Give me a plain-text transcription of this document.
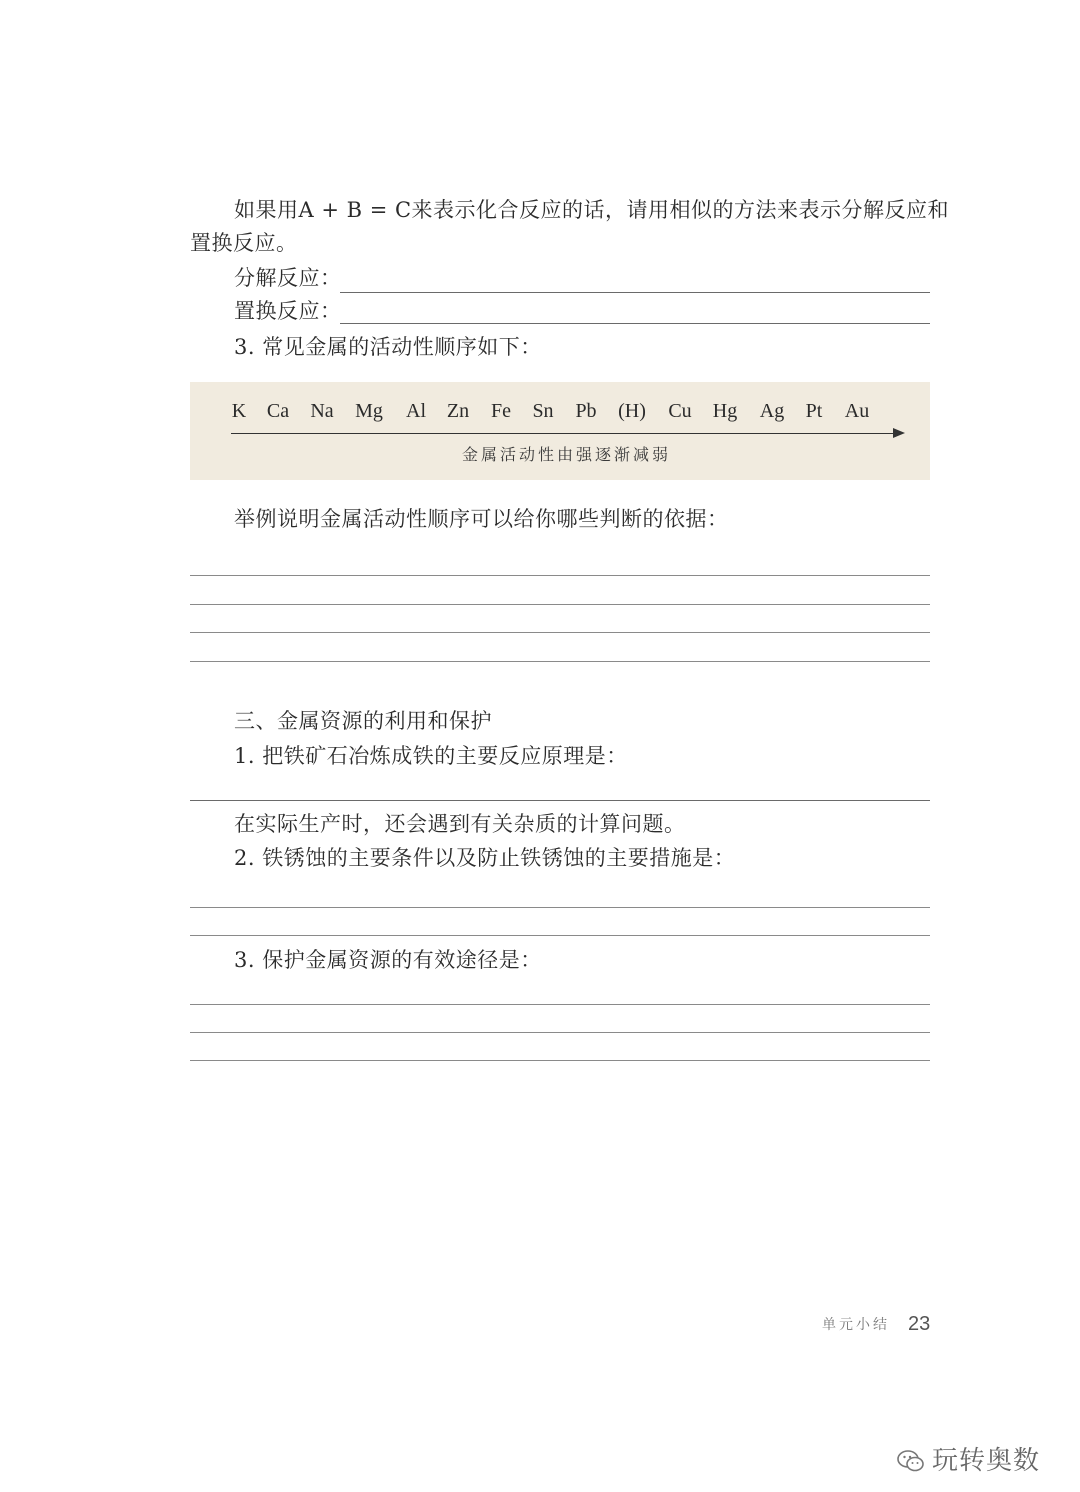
如果用A + B = C来表示化合反应的话，请用相似的方法来表示分解反应和
置换反应。
分解反应：
置换反应：
3. 常见金属的活动性顺序如下：
K Ca Na Mg Al Zn Fe Sn Pb (H) Cu Hg Ag Pt Au
金属活动性由强逐渐减弱
举例说明金属活动性顺序可以给你哪些判断的依据：
三、金属资源的利用和保护
1. 把铁矿石冶炼成铁的主要反应原理是：
在实际生产时，还会遇到有关杂质的计算问题。
2. 铁锈蚀的主要条件以及防止铁锈蚀的主要措施是：
3. 保护金属资源的有效途径是：
单元小结 23
玩转奥数
